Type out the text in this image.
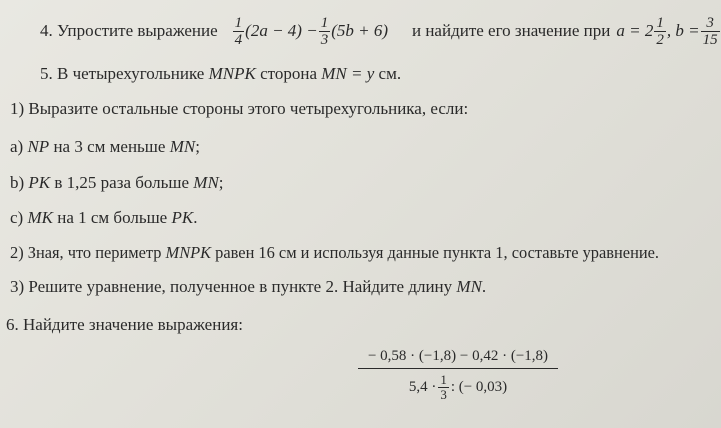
4. Упростите выражение $\frac{1}{4} (2a - 4) - \frac{1}{3} (5b + 6)$ и найдите его значение при $a = 2 \frac{1}{2}$ , $b = \frac{3}{15}$
5. В четырехугольнике MNPK сторона MN = y см.
1) Выразите остальные стороны этого четырехугольника, если:
а) NP на 3 см меньше MN;
b) PK в 1,25 раза больше MN;
с) MK на 1 см больше PK.
2) Зная, что периметр MNPK равен 16 см и используя данные пункта 1, составьте уравнение.
3) Решите уравнение, полученное в пункте 2. Найдите длину MN.
6. Найдите значение выражения:
− 0,58 · (−1,8) − 0,42 · (−1,8)
$5,4 \cdot \frac{1}{3}$ : (− 0,03)
